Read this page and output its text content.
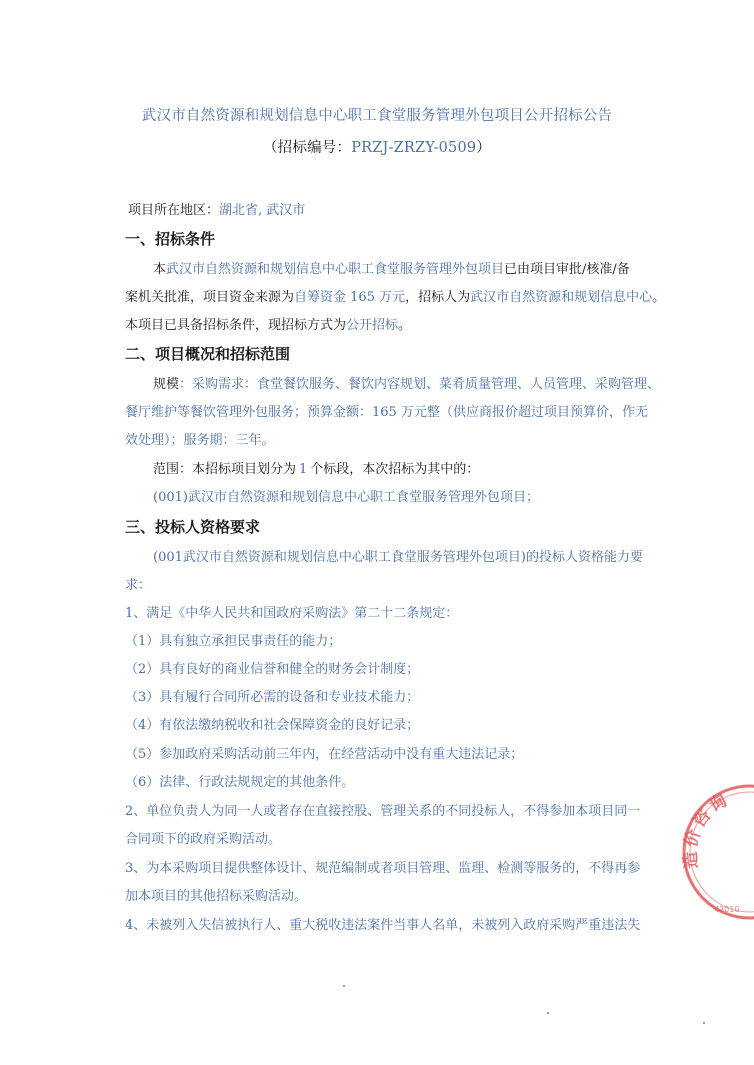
武汉市自然资源和规划信息中心职工食堂服务管理外包项目公开招标公告
（招标编号：PRZJ-ZRZY-0509）
项目所在地区：湖北省, 武汉市
一、招标条件
本武汉市自然资源和规划信息中心职工食堂服务管理外包项目已由项目审批/核准/备
案机关批准，项目资金来源为自筹资金 165 万元，招标人为武汉市自然资源和规划信息中心。
本项目已具备招标条件，现招标方式为公开招标。
二、项目概况和招标范围
规模：采购需求：食堂餐饮服务、餐饮内容规划、菜肴质量管理、人员管理、采购管理、
餐厅维护等餐饮管理外包服务；预算金额：165 万元整（供应商报价超过项目预算价，作无
效处理）；服务期：三年。
范围：本招标项目划分为 1 个标段，本次招标为其中的：
(001)武汉市自然资源和规划信息中心职工食堂服务管理外包项目；
三、投标人资格要求
(001武汉市自然资源和规划信息中心职工食堂服务管理外包项目)的投标人资格能力要
求：
1、满足《中华人民共和国政府采购法》第二十二条规定：
（1）具有独立承担民事责任的能力；
（2）具有良好的商业信誉和健全的财务会计制度；
（3）具有履行合同所必需的设备和专业技术能力；
（4）有依法缴纳税收和社会保障资金的良好记录；
（5）参加政府采购活动前三年内，在经营活动中没有重大违法记录；
（6）法律、行政法规规定的其他条件。
2、单位负责人为同一人或者存在直接控股、管理关系的不同投标人，不得参加本项目同一
合同项下的政府采购活动。
3、为本采购项目提供整体设计、规范编制或者项目管理、监理、检测等服务的，不得再参
加本项目的其他招标采购活动。
4、未被列入失信被执行人、重大税收违法案件当事人名单，未被列入政府采购严重违法失
造价咨询
42010
